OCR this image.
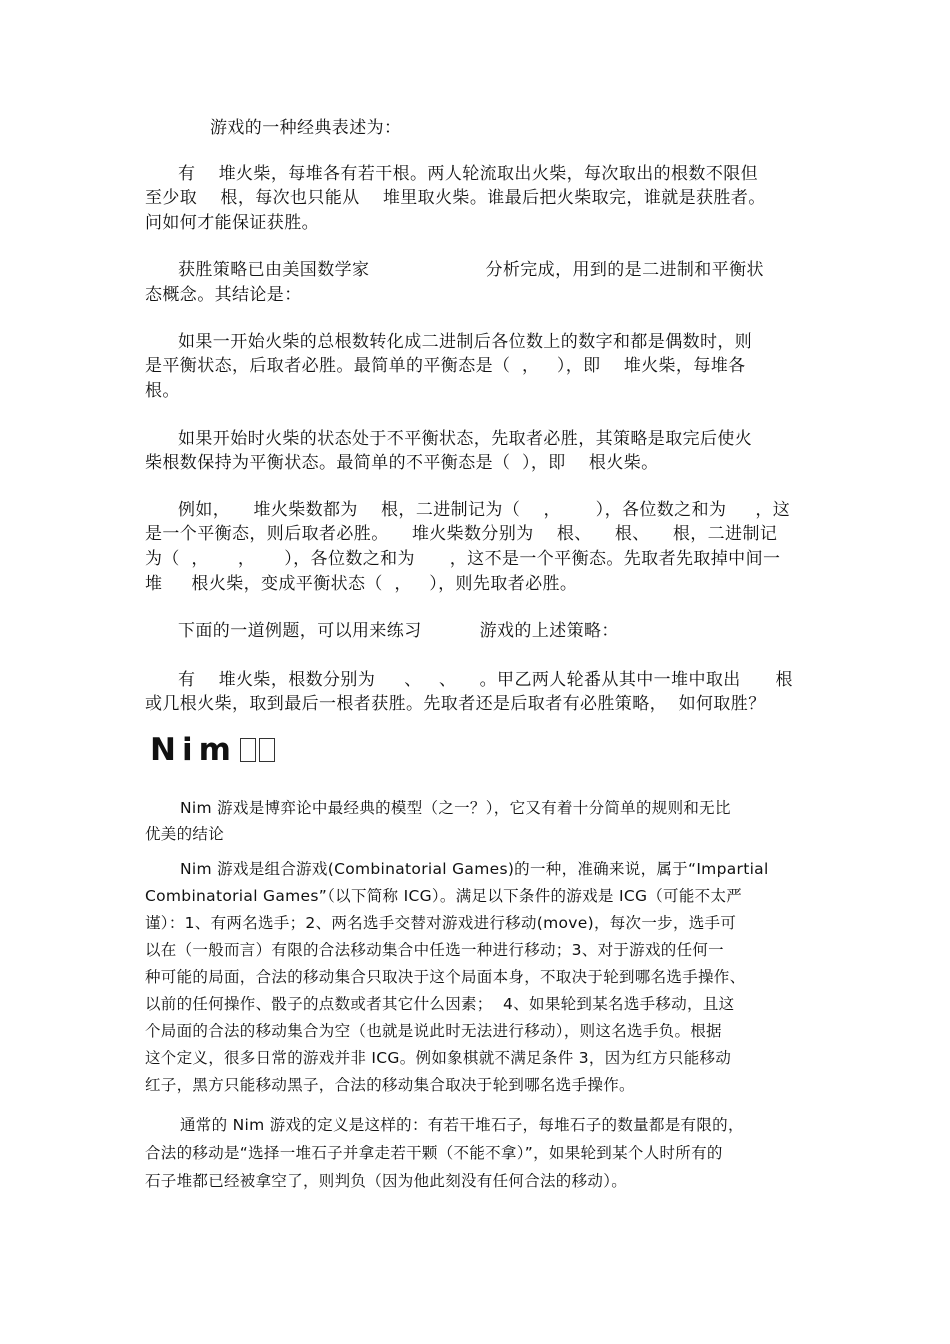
游戏的一种经典表述为：
有    堆火柴，每堆各有若干根。两人轮流取出火柴，每次取出的根数不限但
至少取    根，每次也只能从    堆里取火柴。谁最后把火柴取完，谁就是获胜者。
问如何才能保证获胜。
获胜策略已由美国数学家                    分析完成，用到的是二进制和平衡状
态概念。其结论是：
如果一开始火柴的总根数转化成二进制后各位数上的数字和都是偶数时，则
是平衡状态，后取者必胜。最简单的平衡态是（  ，   ），即    堆火柴，每堆各
根。
如果开始时火柴的状态处于不平衡状态，先取者必胜，其策略是取完后使火
柴根数保持为平衡状态。最简单的不平衡态是（  ），即    根火柴。
例如，    堆火柴数都为    根，二进制记为（    ，      ），各位数之和为     ，这
是一个平衡态，则后取者必胜。    堆火柴数分别为    根、    根、    根，二进制记
为（  ，     ，     ），各位数之和为      ，这不是一个平衡态。先取者先取掉中间一
堆     根火柴，变成平衡状态（  ，   ），则先取者必胜。
下面的一道例题，可以用来练习          游戏的上述策略：
有    堆火柴，根数分别为     、   、    。甲乙两人轮番从其中一堆中取出      根
或几根火柴，取到最后一根者获胜。先取者还是后取者有必胜策略，  如何取胜？
Nim
Nim 游戏是博弈论中最经典的模型（之一？），它又有着十分简单的规则和无比
优美的结论
Nim 游戏是组合游戏(Combinatorial Games)的一种，准确来说，属于“Impartial
Combinatorial Games”（以下简称 ICG）。满足以下条件的游戏是 ICG（可能不太严
谨）：1、有两名选手；2、两名选手交替对游戏进行移动(move)，每次一步，选手可
以在（一般而言）有限的合法移动集合中任选一种进行移动；3、对于游戏的任何一
种可能的局面，合法的移动集合只取决于这个局面本身，不取决于轮到哪名选手操作、
以前的任何操作、骰子的点数或者其它什么因素；  4、如果轮到某名选手移动，且这
个局面的合法的移动集合为空（也就是说此时无法进行移动），则这名选手负。根据
这个定义，很多日常的游戏并非 ICG。例如象棋就不满足条件 3，因为红方只能移动
红子，黑方只能移动黑子，合法的移动集合取决于轮到哪名选手操作。
通常的 Nim 游戏的定义是这样的：有若干堆石子，每堆石子的数量都是有限的，
合法的移动是“选择一堆石子并拿走若干颗（不能不拿）”，如果轮到某个人时所有的
石子堆都已经被拿空了，则判负（因为他此刻没有任何合法的移动）。
